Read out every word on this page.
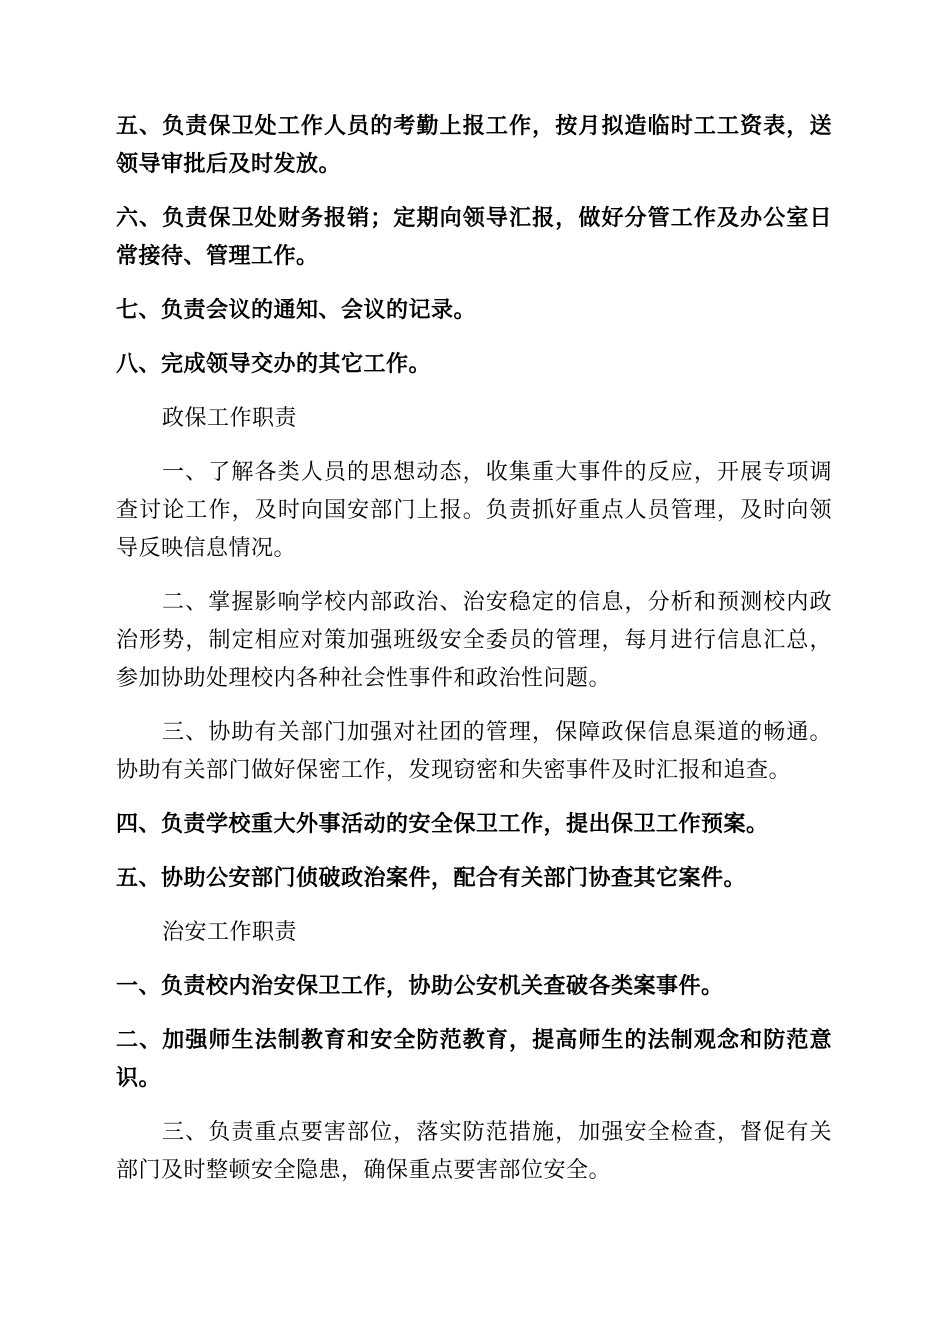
五、负责保卫处工作人员的考勤上报工作，按月拟造临时工工资表，送领导审批后及时发放。

六、负责保卫处财务报销；定期向领导汇报，做好分管工作及办公室日常接待、管理工作。

七、负责会议的通知、会议的记录。

八、完成领导交办的其它工作。

政保工作职责

一、了解各类人员的思想动态，收集重大事件的反应，开展专项调查讨论工作，及时向国安部门上报。负责抓好重点人员管理，及时向领导反映信息情况。

二、掌握影响学校内部政治、治安稳定的信息，分析和预测校内政治形势，制定相应对策加强班级安全委员的管理，每月进行信息汇总，参加协助处理校内各种社会性事件和政治性问题。

三、协助有关部门加强对社团的管理，保障政保信息渠道的畅通。协助有关部门做好保密工作，发现窃密和失密事件及时汇报和追查。

四、负责学校重大外事活动的安全保卫工作，提出保卫工作预案。

五、协助公安部门侦破政治案件，配合有关部门协查其它案件。

治安工作职责

一、负责校内治安保卫工作，协助公安机关查破各类案事件。

二、加强师生法制教育和安全防范教育，提高师生的法制观念和防范意识。

三、负责重点要害部位，落实防范措施，加强安全检查，督促有关部门及时整顿安全隐患，确保重点要害部位安全。
